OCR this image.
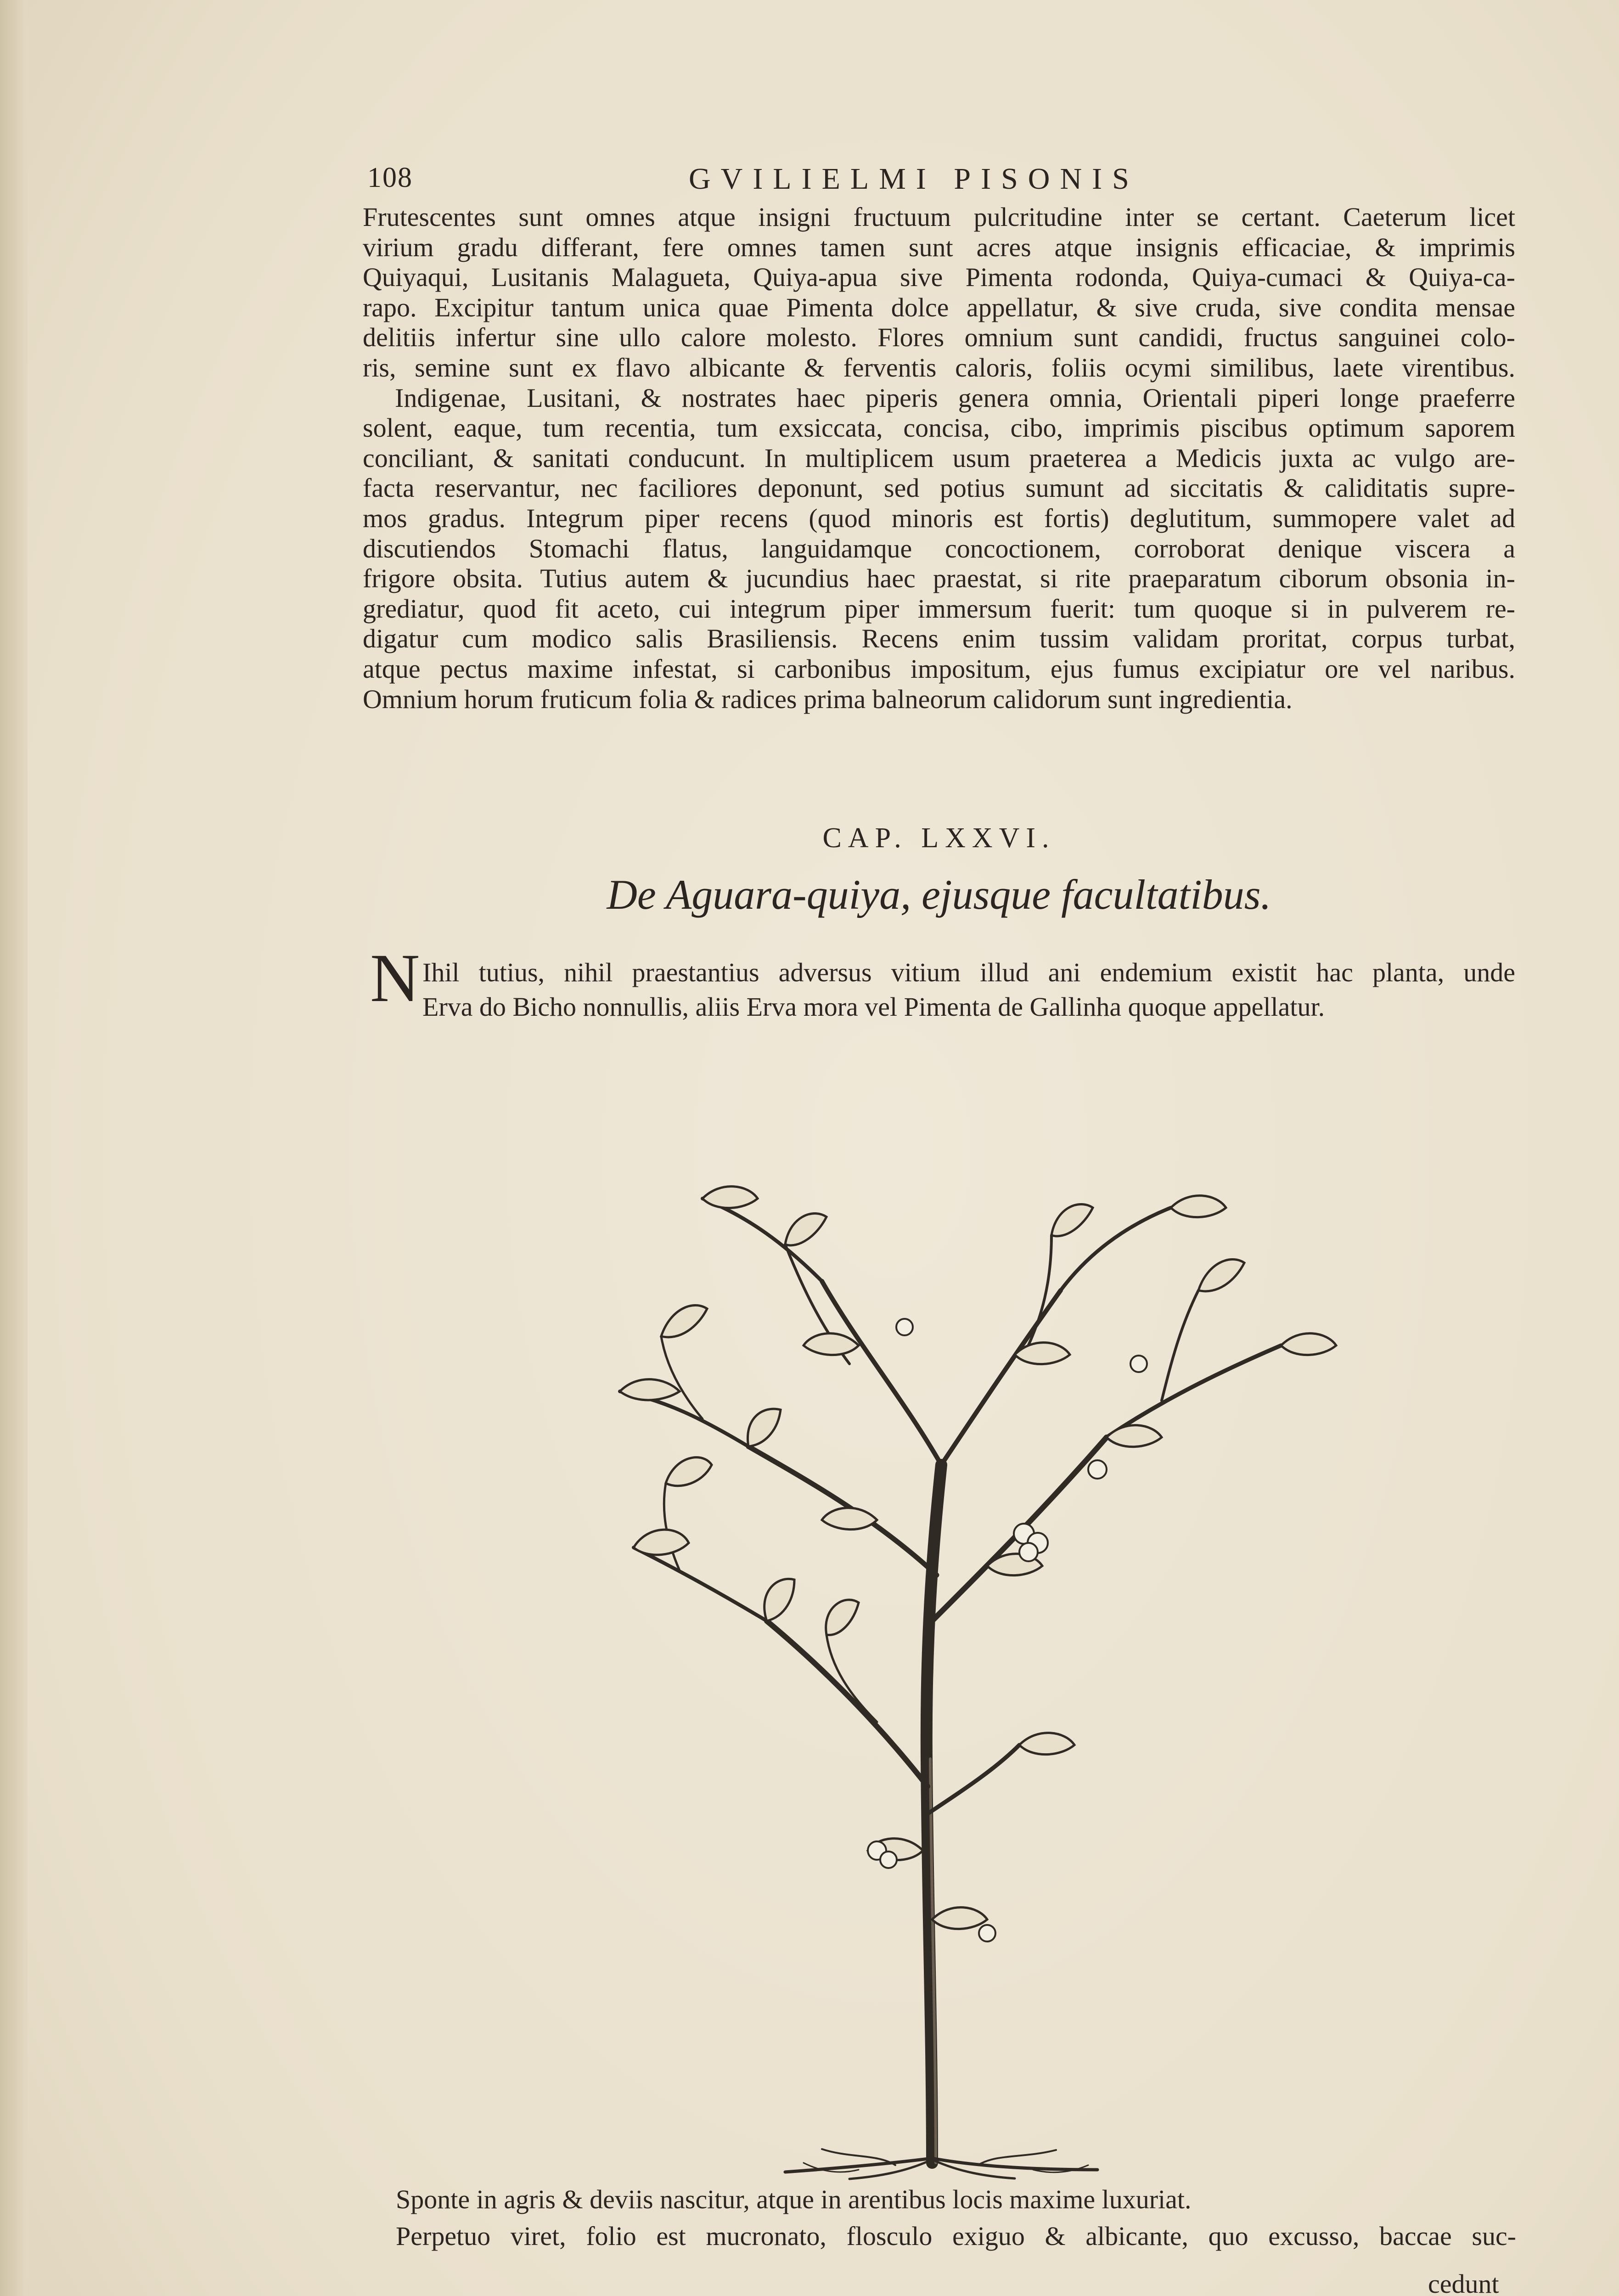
108	GVILIELMI PISONIS
Frutescentes sunt omnes atque insigni fructuum pulcritudine inter se certant. Caeterum licet
virium gradu differant, fere omnes tamen sunt acres atque insignis efficaciae, & imprimis
Quiyaqui, Lusitanis Malagueta, Quiya-apua sive Pimenta rodonda, Quiya-cumaci & Quiya-ca-
rapo. Excipitur tantum unica quae Pimenta dolce appellatur, & sive cruda, sive condita mensae
delitiis infertur sine ullo calore molesto. Flores omnium sunt candidi, fructus sanguinei colo-
ris, semine sunt ex flavo albicante & ferventis caloris, foliis ocymi similibus, laete virentibus.
Indigenae, Lusitani, & nostrates haec piperis genera omnia, Orientali piperi longe praeferre
solent, eaque, tum recentia, tum exsiccata, concisa, cibo, imprimis piscibus optimum saporem
conciliant, & sanitati conducunt. In multiplicem usum praeterea a Medicis juxta ac vulgo are-
facta reservantur, nec faciliores deponunt, sed potius sumunt ad siccitatis & caliditatis supre-
mos gradus. Integrum piper recens (quod minoris est fortis) deglutitum, summopere valet ad
discutiendos Stomachi flatus, languidamque concoctionem, corroborat denique viscera a
frigore obsita. Tutius autem & jucundius haec praestat, si rite praeparatum ciborum obsonia in-
grediatur, quod fit aceto, cui integrum piper immersum fuerit: tum quoque si in pulverem re-
digatur cum modico salis Brasiliensis. Recens enim tussim validam proritat, corpus turbat,
atque pectus maxime infestat, si carbonibus impositum, ejus fumus excipiatur ore vel naribus.
Omnium horum fruticum folia & radices prima balneorum calidorum sunt ingredientia.
CAP. LXXVI.
De Aguara-quiya, ejusque facultatibus.
N Ihil tutius, nihil praestantius adversus vitium illud ani endemium existit hac planta, unde
Erva do Bicho nonnullis, aliis Erva mora vel Pimenta de Gallinha quoque appellatur.
Sponte in agris & deviis nascitur, atque in arentibus locis maxime luxuriat.
Perpetuo viret, folio est mucronato, flosculo exiguo & albicante, quo excusso, baccae suc-
cedunt
